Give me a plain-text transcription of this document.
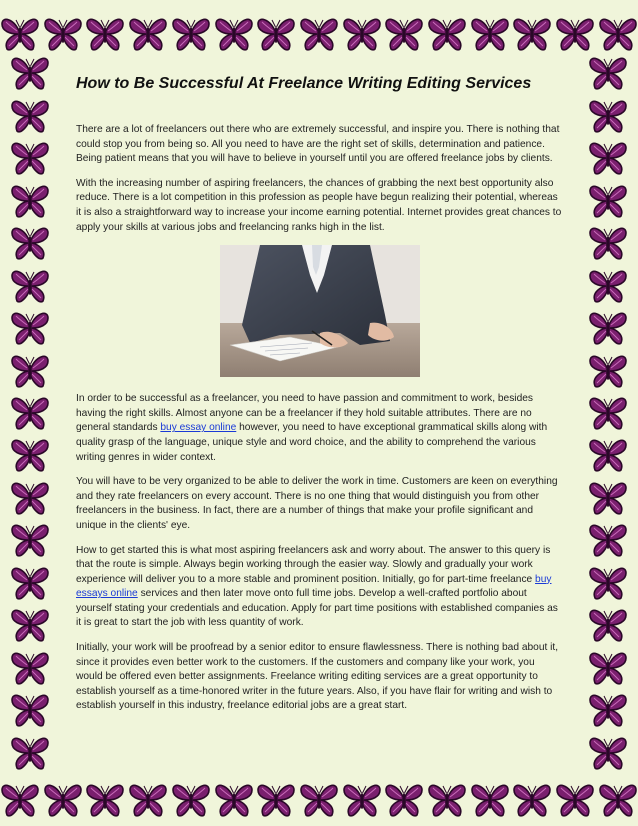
How to Be Successful At Freelance Writing Editing Services

There are a lot of freelancers out there who are extremely successful, and inspire you. There is nothing that could stop you from being so. All you need to have are the right set of skills, determination and patience. Being patient means that you will have to believe in yourself until you are offered freelance jobs by clients.

With the increasing number of aspiring freelancers, the chances of grabbing the next best opportunity also reduce. There is a lot competition in this profession as people have begun realizing their potential, whereas it is also a straightforward way to increase your income earning potential. Internet provides great chances to apply your skills at various jobs and freelancing ranks high in the list.

In order to be successful as a freelancer, you need to have passion and commitment to work, besides having the right skills. Almost anyone can be a freelancer if they hold suitable attributes. There are no general standards buy essay online however, you need to have exceptional grammatical skills along with quality grasp of the language, unique style and word choice, and the ability to comprehend the various writing genres in wider context.

You will have to be very organized to be able to deliver the work in time. Customers are keen on everything and they rate freelancers on every account. There is no one thing that would distinguish you from other freelancers in the business. In fact, there are a number of things that make your profile significant and unique in the clients' eye.

How to get started this is what most aspiring freelancers ask and worry about. The answer to this query is that the route is simple. Always begin working through the easier way. Slowly and gradually your work experience will deliver you to a more stable and prominent position. Initially, go for part-time freelance buy essays online services and then later move onto full time jobs. Develop a well-crafted portfolio about yourself stating your credentials and education. Apply for part time positions with established companies as it is great to start the job with less quantity of work.

Initially, your work will be proofread by a senior editor to ensure flawlessness. There is nothing bad about it, since it provides even better work to the customers. If the customers and company like your work, you would be offered even better assignments. Freelance writing editing services are a great opportunity to establish yourself as a time-honored writer in the future years. Also, if you have flair for writing and wish to establish yourself in this industry, freelance editorial jobs are a great start.
